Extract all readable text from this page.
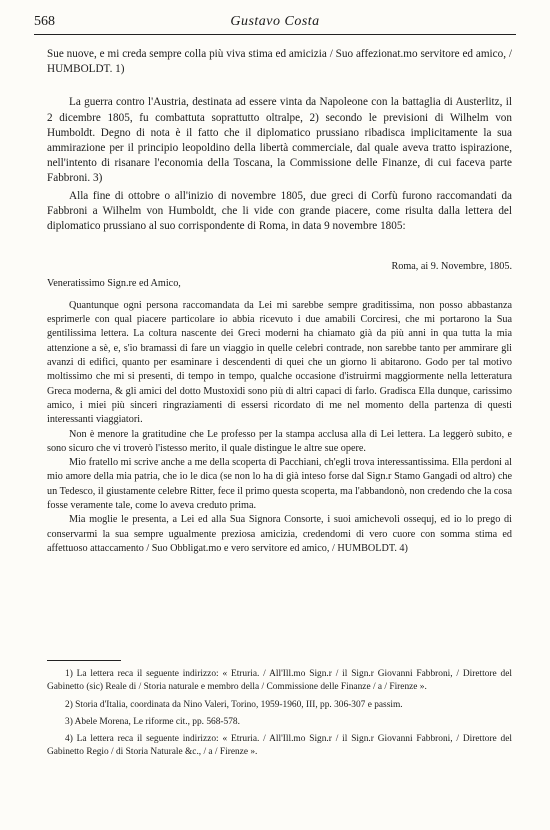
568	Gustavo Costa

Sue nuove, e mi creda sempre colla più viva stima ed amicizia / Suo affezionat.mo servitore ed amico, / HUMBOLDT. 1)

La guerra contro l'Austria, destinata ad essere vinta da Napoleone con la battaglia di Austerlitz, il 2 dicembre 1805, fu combattuta soprattutto oltralpe, 2) secondo le previsioni di Wilhelm von Humboldt. Degno di nota è il fatto che il diplomatico prussiano ribadisca implicitamente la sua ammirazione per il principio leopoldino della libertà commerciale, dal quale aveva tratto ispirazione, nell'intento di risanare l'economia della Toscana, la Commissione delle Finanze, di cui faceva parte Fabbroni. 3)

Alla fine di ottobre o all'inizio di novembre 1805, due greci di Corfù furono raccomandati da Fabbroni a Wilhelm von Humboldt, che li vide con grande piacere, come risulta dalla lettera del diplomatico prussiano al suo corrispondente di Roma, in data 9 novembre 1805:

Roma, ai 9. Novembre, 1805.

Veneratissimo Sign.re ed Amico,

Quantunque ogni persona raccomandata da Lei mi sarebbe sempre graditissima, non posso abbastanza esprimerle con qual piacere particolare io abbia ricevuto i due amabili Corciresi, che mi portarono la Sua gentilissima lettera. La coltura nascente dei Greci moderni ha chiamato già da più anni in qua tutta la mia attenzione a sè, e, s'io bramassi di fare un viaggio in quelle celebri contrade, non sarebbe tanto per ammirare gli avanzi di edifici, quanto per esaminare i descendenti di quei che un giorno li abitarono. Godo per tal motivo moltissimo che mi si presenti, di tempo in tempo, qualche occasione d'istruirmi maggiormente nella letteratura Greca moderna, & gli amici del dotto Mustoxidi sono più di altri capaci di farlo. Gradisca Ella dunque, carissimo amico, i miei più sinceri ringraziamenti di essersi ricordato di me nel momento della partenza di questi interessanti viaggiatori.

Non è menore la gratitudine che Le professo per la stampa acclusa alla di Lei lettera. La leggerò subito, e sono sicuro che vi troverò l'istesso merito, il quale distingue le altre sue opere.

Mio fratello mi scrive anche a me della scoperta di Pacchiani, ch'egli trova interessantissima. Ella perdoni al mio amore della mia patria, che io le dica (se non lo ha di già inteso forse dal Sign.r Stamo Gangadi od altro) che un Tedesco, il giustamente celebre Ritter, fece il primo questa scoperta, ma l'abbandonò, non credendo che la cosa fosse veramente tale, come lo aveva creduto prima.

Mia moglie le presenta, a Lei ed alla Sua Signora Consorte, i suoi amichevoli ossequj, ed io lo prego di conservarmi la sua sempre ugualmente preziosa amicizia, credendomi di vero cuore con somma stima ed affettuoso attaccamento / Suo Obbligat.mo e vero servitore ed amico, / HUMBOLDT. 4)

1) La lettera reca il seguente indirizzo: « Etruria. / All'Ill.mo Sign.r / il Sign.r Giovanni Fabbroni, / Direttore del Gabinetto (sic) Reale di / Storia naturale e membro della / Commissione delle Finanze / a / Firenze ».

2) Storia d'Italia, coordinata da Nino Valeri, Torino, 1959-1960, III, pp. 306-307 e passim.

3) Abele Morena, Le riforme cit., pp. 568-578.

4) La lettera reca il seguente indirizzo: « Etruria. / All'Ill.mo Sign.r / il Sign.r Giovanni Fabbroni, / Direttore del Gabinetto Regio / di Storia Naturale &c., / a / Firenze ».
